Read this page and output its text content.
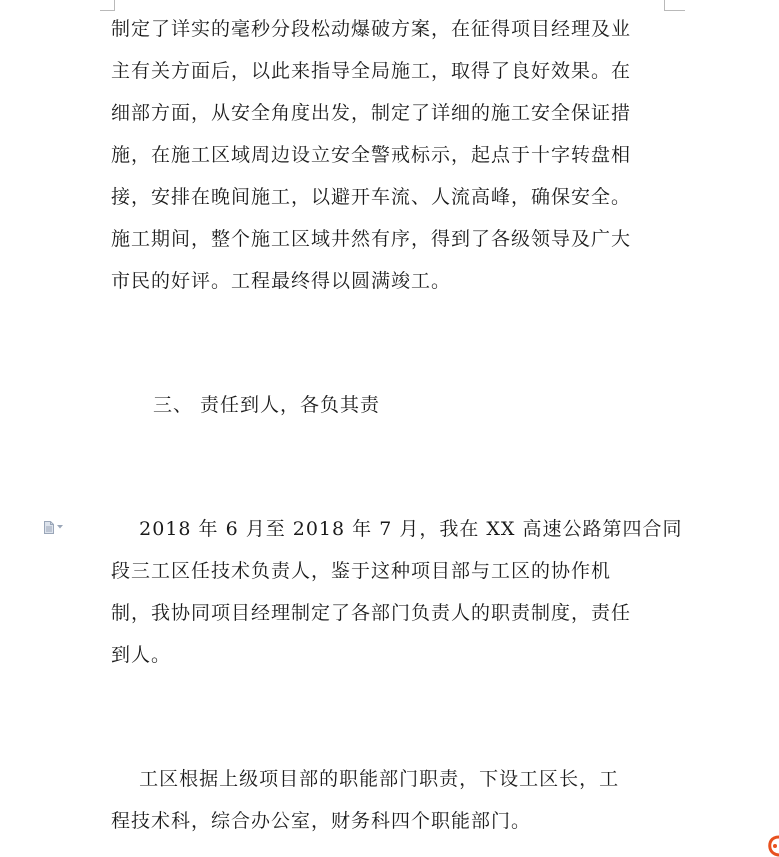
制定了详实的毫秒分段松动爆破方案，在征得项目经理及业
主有关方面后，以此来指导全局施工，取得了良好效果。在
细部方面，从安全角度出发，制定了详细的施工安全保证措
施，在施工区域周边设立安全警戒标示，起点于十字转盘相
接，安排在晚间施工，以避开车流、人流高峰，确保安全。
施工期间，整个施工区域井然有序，得到了各级领导及广大
市民的好评。工程最终得以圆满竣工。

三、 责任到人，各负其责

2018 年 6 月至 2018 年 7 月，我在 XX 高速公路第四合同
段三工区任技术负责人，鉴于这种项目部与工区的协作机
制，我协同项目经理制定了各部门负责人的职责制度，责任
到人。

工区根据上级项目部的职能部门职责，下设工区长，工
程技术科，综合办公室，财务科四个职能部门。
